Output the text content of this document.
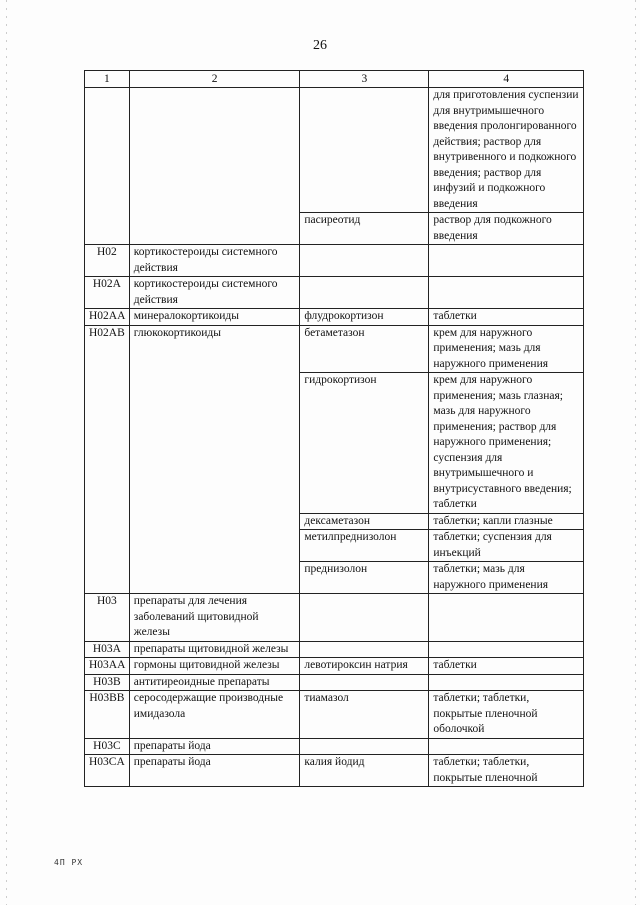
26
1	2	3	4
			для приготовления суспензии для внутримышечного введения пролонгированного действия; раствор для внутривенного и подкожного введения; раствор для инфузий и подкожного введения
		пасиреотид	раствор для подкожного введения
H02	кортикостероиды системного действия		
H02A	кортикостероиды системного действия		
H02AA	минералокортикоиды	флудрокортизон	таблетки
H02AB	глюкокортикоиды	бетаметазон	крем для наружного применения; мазь для наружного применения
		гидрокортизон	крем для наружного применения; мазь глазная; мазь для наружного применения; раствор для наружного применения; суспензия для внутримышечного и внутрисуставного введения; таблетки
		дексаметазон	таблетки; капли глазные
		метилпреднизолон	таблетки; суспензия для инъекций
		преднизолон	таблетки; мазь для наружного применения
H03	препараты для лечения заболеваний щитовидной железы		
H03A	препараты щитовидной железы		
H03AA	гормоны щитовидной железы	левотироксин натрия	таблетки
H03B	антитиреоидные препараты		
H03BB	серосодержащие производные имидазола	тиамазол	таблетки; таблетки, покрытые пленочной оболочкой
H03C	препараты йода		
H03CA	препараты йода	калия йодид	таблетки; таблетки, покрытые пленочной
4П РХ
